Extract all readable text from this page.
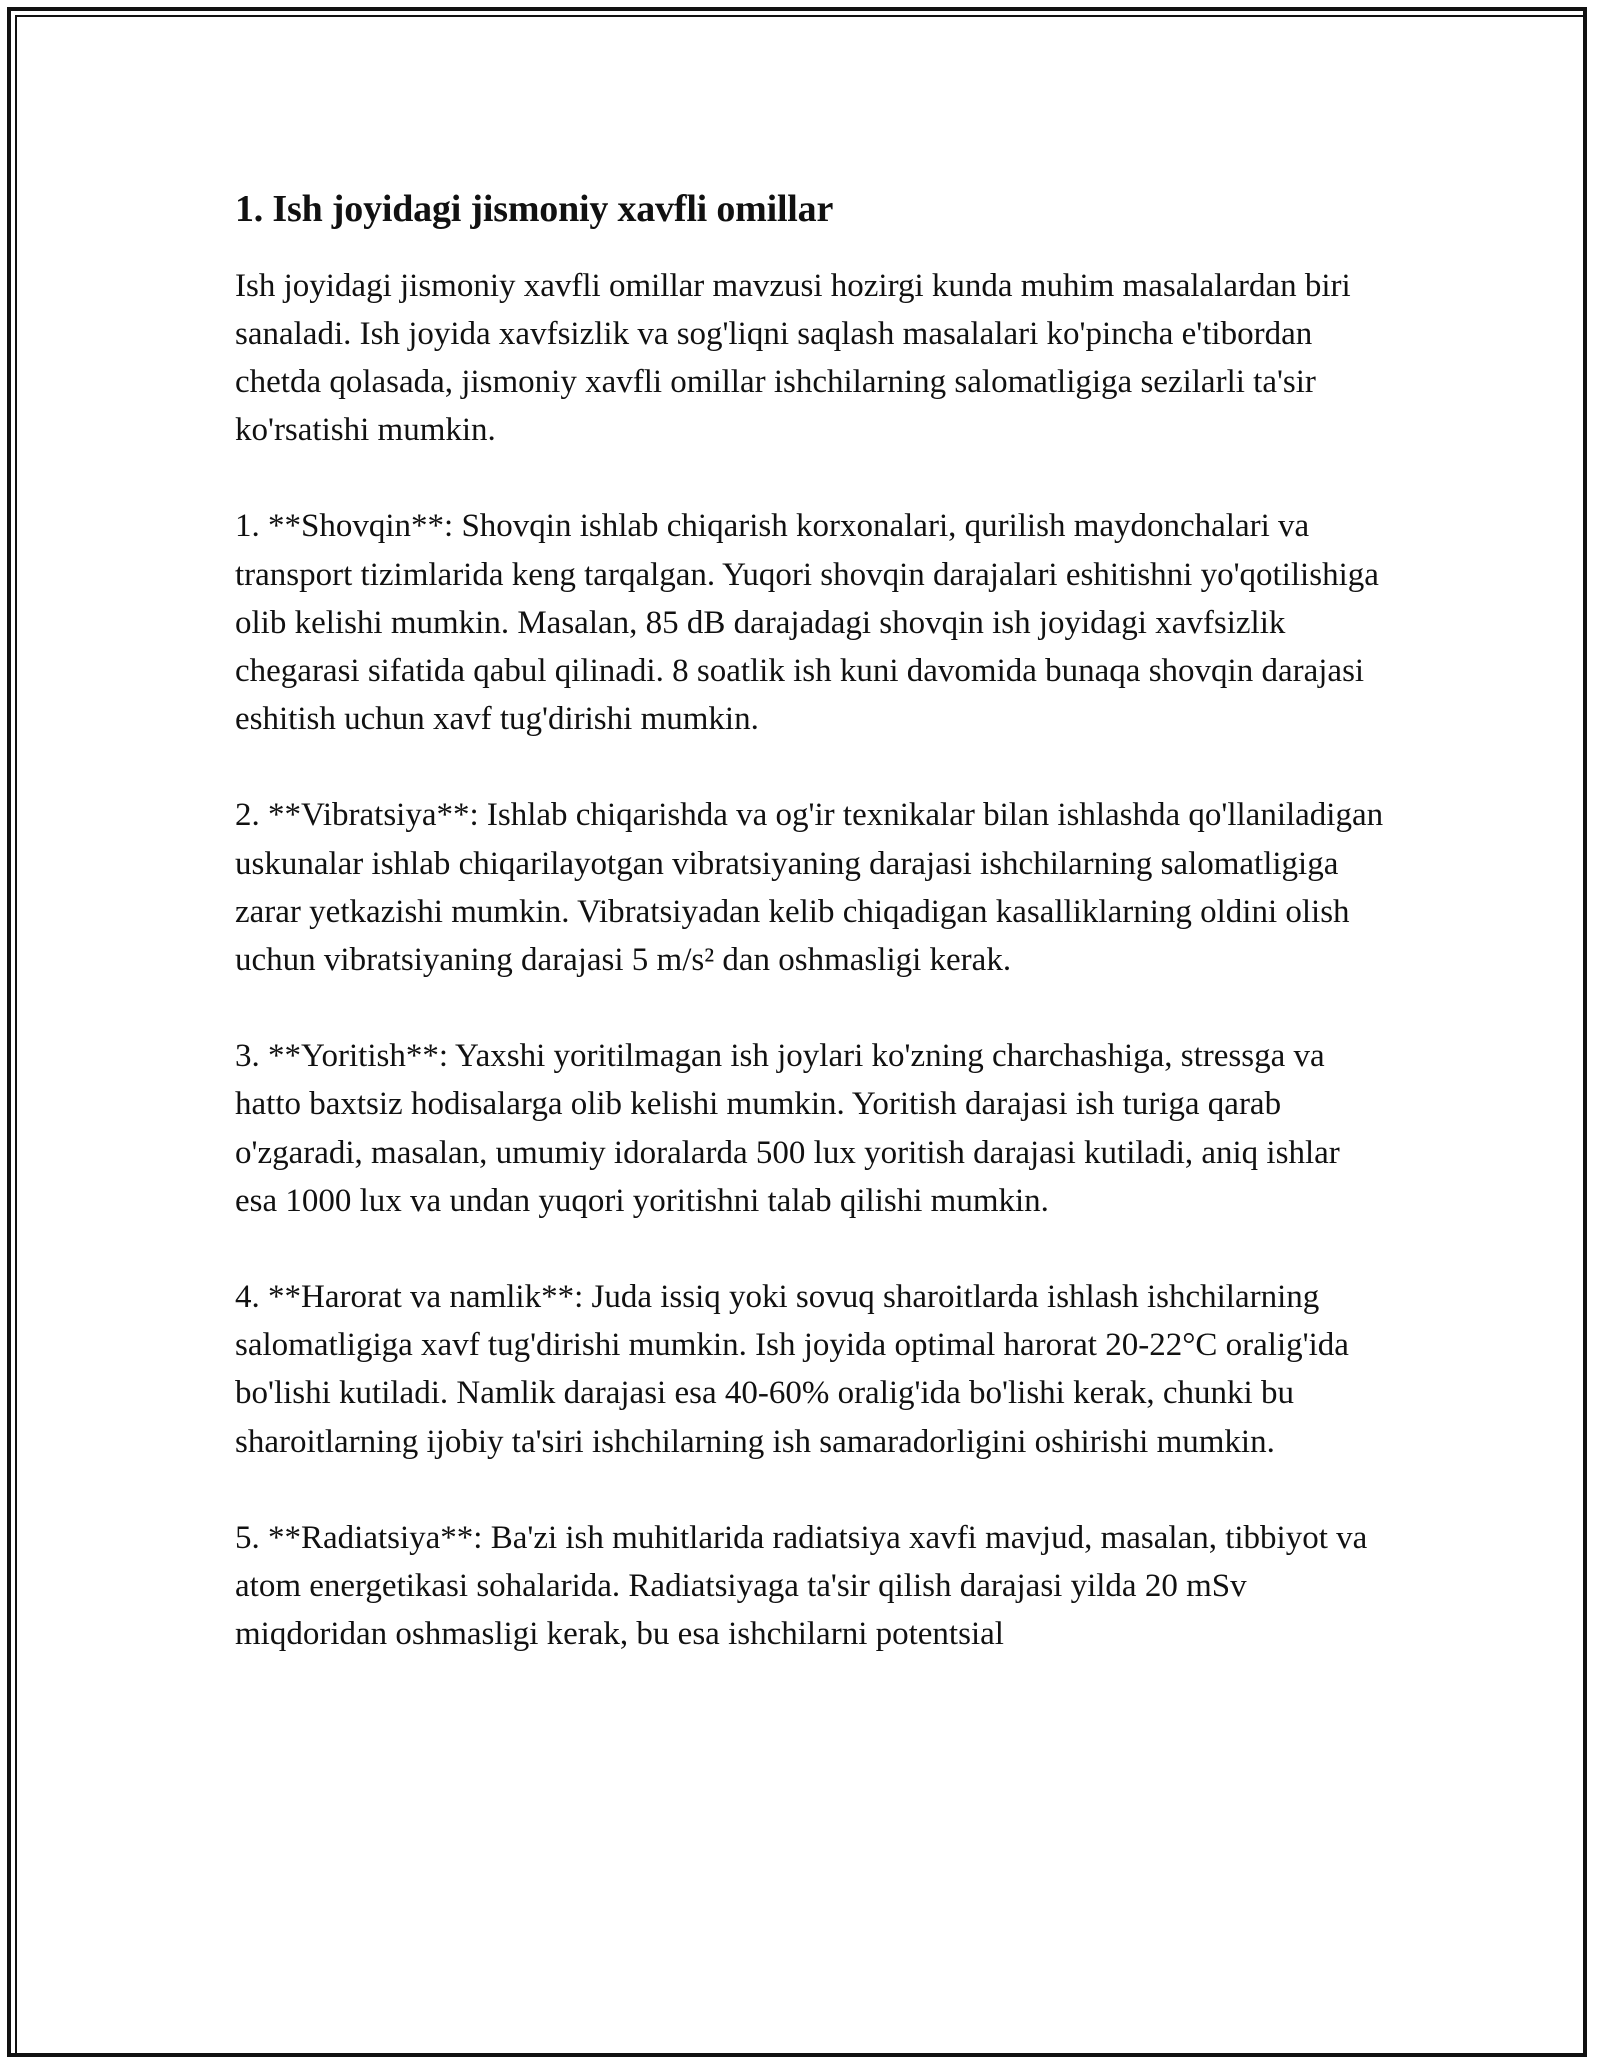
1. Ish joyidagi jismoniy xavfli omillar

Ish joyidagi jismoniy xavfli omillar mavzusi hozirgi kunda muhim masalalardan biri sanaladi. Ish joyida xavfsizlik va sog'liqni saqlash masalalari ko'pincha e'tibordan chetda qolasada, jismoniy xavfli omillar ishchilarning salomatligiga sezilarli ta'sir ko'rsatishi mumkin.

1. **Shovqin**: Shovqin ishlab chiqarish korxonalari, qurilish maydonchalari va transport tizimlarida keng tarqalgan. Yuqori shovqin darajalari eshitishni yo'qotilishiga olib kelishi mumkin. Masalan, 85 dB darajadagi shovqin ish joyidagi xavfsizlik chegarasi sifatida qabul qilinadi. 8 soatlik ish kuni davomida bunaqa shovqin darajasi eshitish uchun xavf tug'dirishi mumkin.

2. **Vibratsiya**: Ishlab chiqarishda va og'ir texnikalar bilan ishlashda qo'llaniladigan uskunalar ishlab chiqarilayotgan vibratsiyaning darajasi ishchilarning salomatligiga zarar yetkazishi mumkin. Vibratsiyadan kelib chiqadigan kasalliklarning oldini olish uchun vibratsiyaning darajasi 5 m/s² dan oshmasligi kerak.

3. **Yoritish**: Yaxshi yoritilmagan ish joylari ko'zning charchashiga, stressga va hatto baxtsiz hodisalarga olib kelishi mumkin. Yoritish darajasi ish turiga qarab o'zgaradi, masalan, umumiy idoralarda 500 lux yoritish darajasi kutiladi, aniq ishlar esa 1000 lux va undan yuqori yoritishni talab qilishi mumkin.

4. **Harorat va namlik**: Juda issiq yoki sovuq sharoitlarda ishlash ishchilarning salomatligiga xavf tug'dirishi mumkin. Ish joyida optimal harorat 20-22°C oralig'ida bo'lishi kutiladi. Namlik darajasi esa 40-60% oralig'ida bo'lishi kerak, chunki bu sharoitlarning ijobiy ta'siri ishchilarning ish samaradorligini oshirishi mumkin.

5. **Radiatsiya**: Ba'zi ish muhitlarida radiatsiya xavfi mavjud, masalan, tibbiyot va atom energetikasi sohalarida. Radiatsiyaga ta'sir qilish darajasi yilda 20 mSv miqdoridan oshmasligi kerak, bu esa ishchilarni potentsial
